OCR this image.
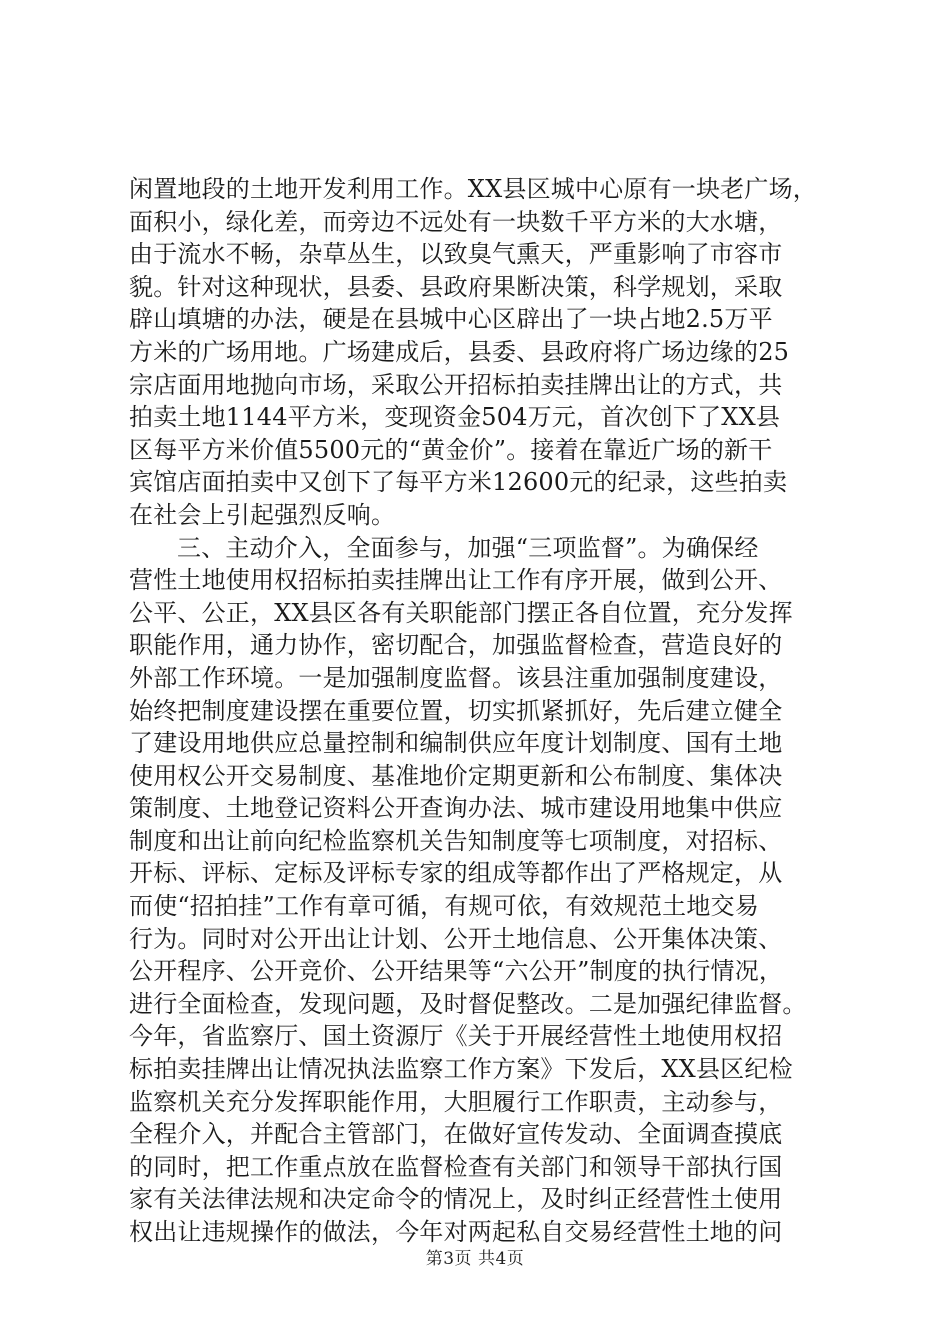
闲置地段的土地开发利用工作。XX县区城中心原有一块老广场，
面积小，绿化差，而旁边不远处有一块数千平方米的大水塘，
由于流水不畅，杂草丛生，以致臭气熏天，严重影响了市容市
貌。针对这种现状，县委、县政府果断决策，科学规划，采取
辟山填塘的办法，硬是在县城中心区辟出了一块占地2.5万平
方米的广场用地。广场建成后，县委、县政府将广场边缘的25
宗店面用地抛向市场，采取公开招标拍卖挂牌出让的方式，共
拍卖土地1144平方米，变现资金504万元，首次创下了XX县
区每平方米价值5500元的“黄金价”。接着在靠近广场的新干
宾馆店面拍卖中又创下了每平方米12600元的纪录，这些拍卖
在社会上引起强烈反响。
三、主动介入，全面参与，加强“三项监督”。为确保经
营性土地使用权招标拍卖挂牌出让工作有序开展，做到公开、
公平、公正，XX县区各有关职能部门摆正各自位置，充分发挥
职能作用，通力协作，密切配合，加强监督检查，营造良好的
外部工作环境。一是加强制度监督。该县注重加强制度建设，
始终把制度建设摆在重要位置，切实抓紧抓好，先后建立健全
了建设用地供应总量控制和编制供应年度计划制度、国有土地
使用权公开交易制度、基准地价定期更新和公布制度、集体决
策制度、土地登记资料公开查询办法、城市建设用地集中供应
制度和出让前向纪检监察机关告知制度等七项制度，对招标、
开标、评标、定标及评标专家的组成等都作出了严格规定，从
而使“招拍挂”工作有章可循，有规可依，有效规范土地交易
行为。同时对公开出让计划、公开土地信息、公开集体决策、
公开程序、公开竞价、公开结果等“六公开”制度的执行情况，
进行全面检查，发现问题，及时督促整改。二是加强纪律监督。
今年，省监察厅、国土资源厅《关于开展经营性土地使用权招
标拍卖挂牌出让情况执法监察工作方案》下发后，XX县区纪检
监察机关充分发挥职能作用，大胆履行工作职责，主动参与，
全程介入，并配合主管部门，在做好宣传发动、全面调查摸底
的同时，把工作重点放在监督检查有关部门和领导干部执行国
家有关法律法规和决定命令的情况上，及时纠正经营性土使用
权出让违规操作的做法，今年对两起私自交易经营性土地的问
第3页 共4页
